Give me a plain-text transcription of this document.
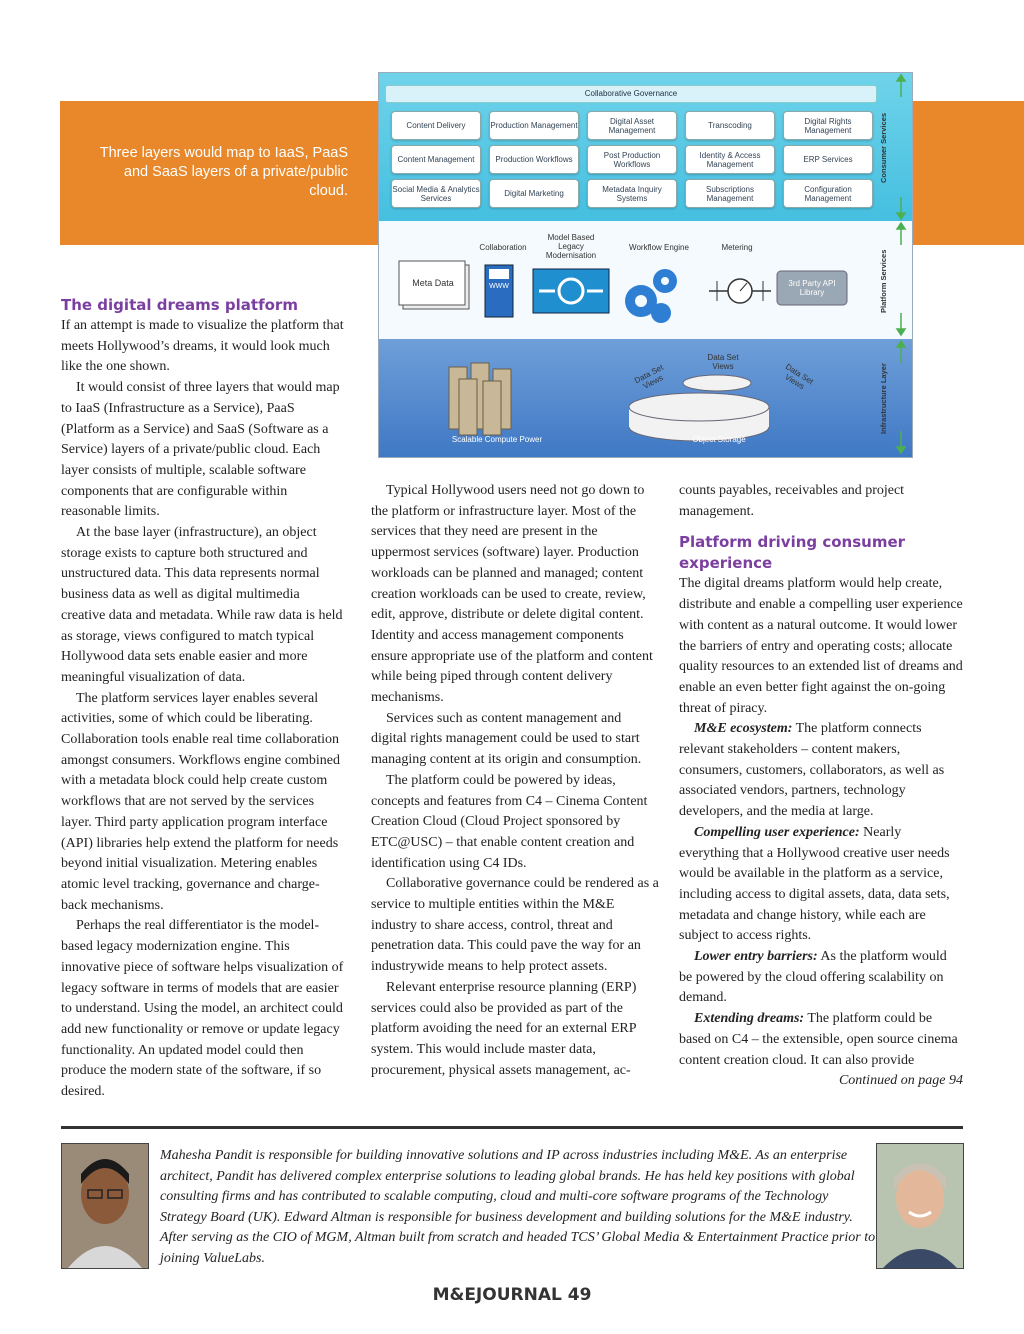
Three layers would map to IaaS, PaaS and SaaS layers of a private/public cloud.
Collaborative Governance
Content Delivery	Production Management	Digital Asset Management	Transcoding	Digital Rights Management
Content Management	Production Workflows	Post Production Workflows
Identity & Access Management	ERP Services
Social Media & Analytics Services	Digital Marketing	Metadata Inquiry Systems
Subscriptions Management
Configuration Management
Consumer Services
Collaboration
Model Based Legacy Modernisation
Workflow Engine	Metering
Meta Data	WWW	3rd Party API Library	Platform Services
Scalable Compute Power	Object Storage
Data Set Views
Data Set Views	Data Set Views	Infrastructure Layer
The digital dreams platform

If an attempt is made to visualize the platform that meets Hollywood’s dreams, it would look much like the one shown.

It would consist of three layers that would map to IaaS (Infrastructure as a Service), PaaS (Platform as a Service) and SaaS (Software as a Service) layers of a private/public cloud. Each layer consists of multiple, scalable software components that are configurable within reasonable limits.

At the base layer (infrastructure), an object storage exists to capture both structured and unstructured data. This data represents normal business data as well as digital multimedia creative data and metadata. While raw data is held as storage, views configured to match typical Hollywood data sets enable easier and more meaningful visualization of data.

The platform services layer enables several activities, some of which could be liberating. Collaboration tools enable real time collaboration amongst consumers. Workflows engine combined with a metadata block could help create custom workflows that are not served by the services layer. Third party application program interface (API) libraries help extend the platform for needs beyond initial visualization. Metering enables atomic level tracking, governance and charge-back mechanisms.

Perhaps the real differentiator is the model-based legacy modernization engine. This innovative piece of software helps visualization of legacy software in terms of models that are easier to understand. Using the model, an architect could add new functionality or remove or update legacy functionality. An updated model could then produce the modern state of the software, if so desired.

Typical Hollywood users need not go down to the platform or infrastructure layer. Most of the services that they need are present in the uppermost services (software) layer. Production workloads can be planned and managed; content creation workloads can be used to create, review, edit, approve, distribute or delete digital content. Identity and access management components ensure appropriate use of the platform and content while being piped through content delivery mechanisms.

Services such as content management and digital rights management could be used to start managing content at its origin and consumption.

The platform could be powered by ideas, concepts and features from C4 – Cinema Content Creation Cloud (Cloud Project sponsored by ETC@USC) – that enable content creation and identification using C4 IDs.

Collaborative governance could be rendered as a service to multiple entities within the M&E industry to share access, control, threat and penetration data. This could pave the way for an industrywide means to help protect assets.

Relevant enterprise resource planning (ERP) services could also be provided as part of the platform avoiding the need for an external ERP system. This would include master data, procurement, physical assets management, ac-

counts payables, receivables and project management.

Platform driving consumer experience

The digital dreams platform would help create, distribute and enable a compelling user experience with content as a natural outcome. It would lower the barriers of entry and operating costs; allocate quality resources to an extended list of dreams and enable an even better fight against the on-going threat of piracy.

M&E ecosystem: The platform connects relevant stakeholders – content makers, consumers, customers, collaborators, as well as associated vendors, partners, technology developers, and the media at large.

Compelling user experience: Nearly everything that a Hollywood creative user needs would be available in the platform as a service, including access to digital assets, data, data sets, metadata and change history, while each are subject to access rights.

Lower entry barriers: As the platform would be powered by the cloud offering scalability on demand.

Extending dreams: The platform could be based on C4 – the extensible, open source cinema content creation cloud. It can also provide

Continued on page 94

Mahesha Pandit is responsible for building innovative solutions and IP across industries including M&E. As an enterprise architect, Pandit has delivered complex enterprise solutions to leading global brands. He has held key positions with global consulting firms and has contributed to scalable computing, cloud and multi-core software programs of the Technology Strategy Board (UK). Edward Altman is responsible for business development and building solutions for the M&E industry. After serving as the CIO of MGM, Altman built from scratch and headed TCS’ Global Media & Entertainment Practice prior to joining ValueLabs.
M&EJOURNAL 49
